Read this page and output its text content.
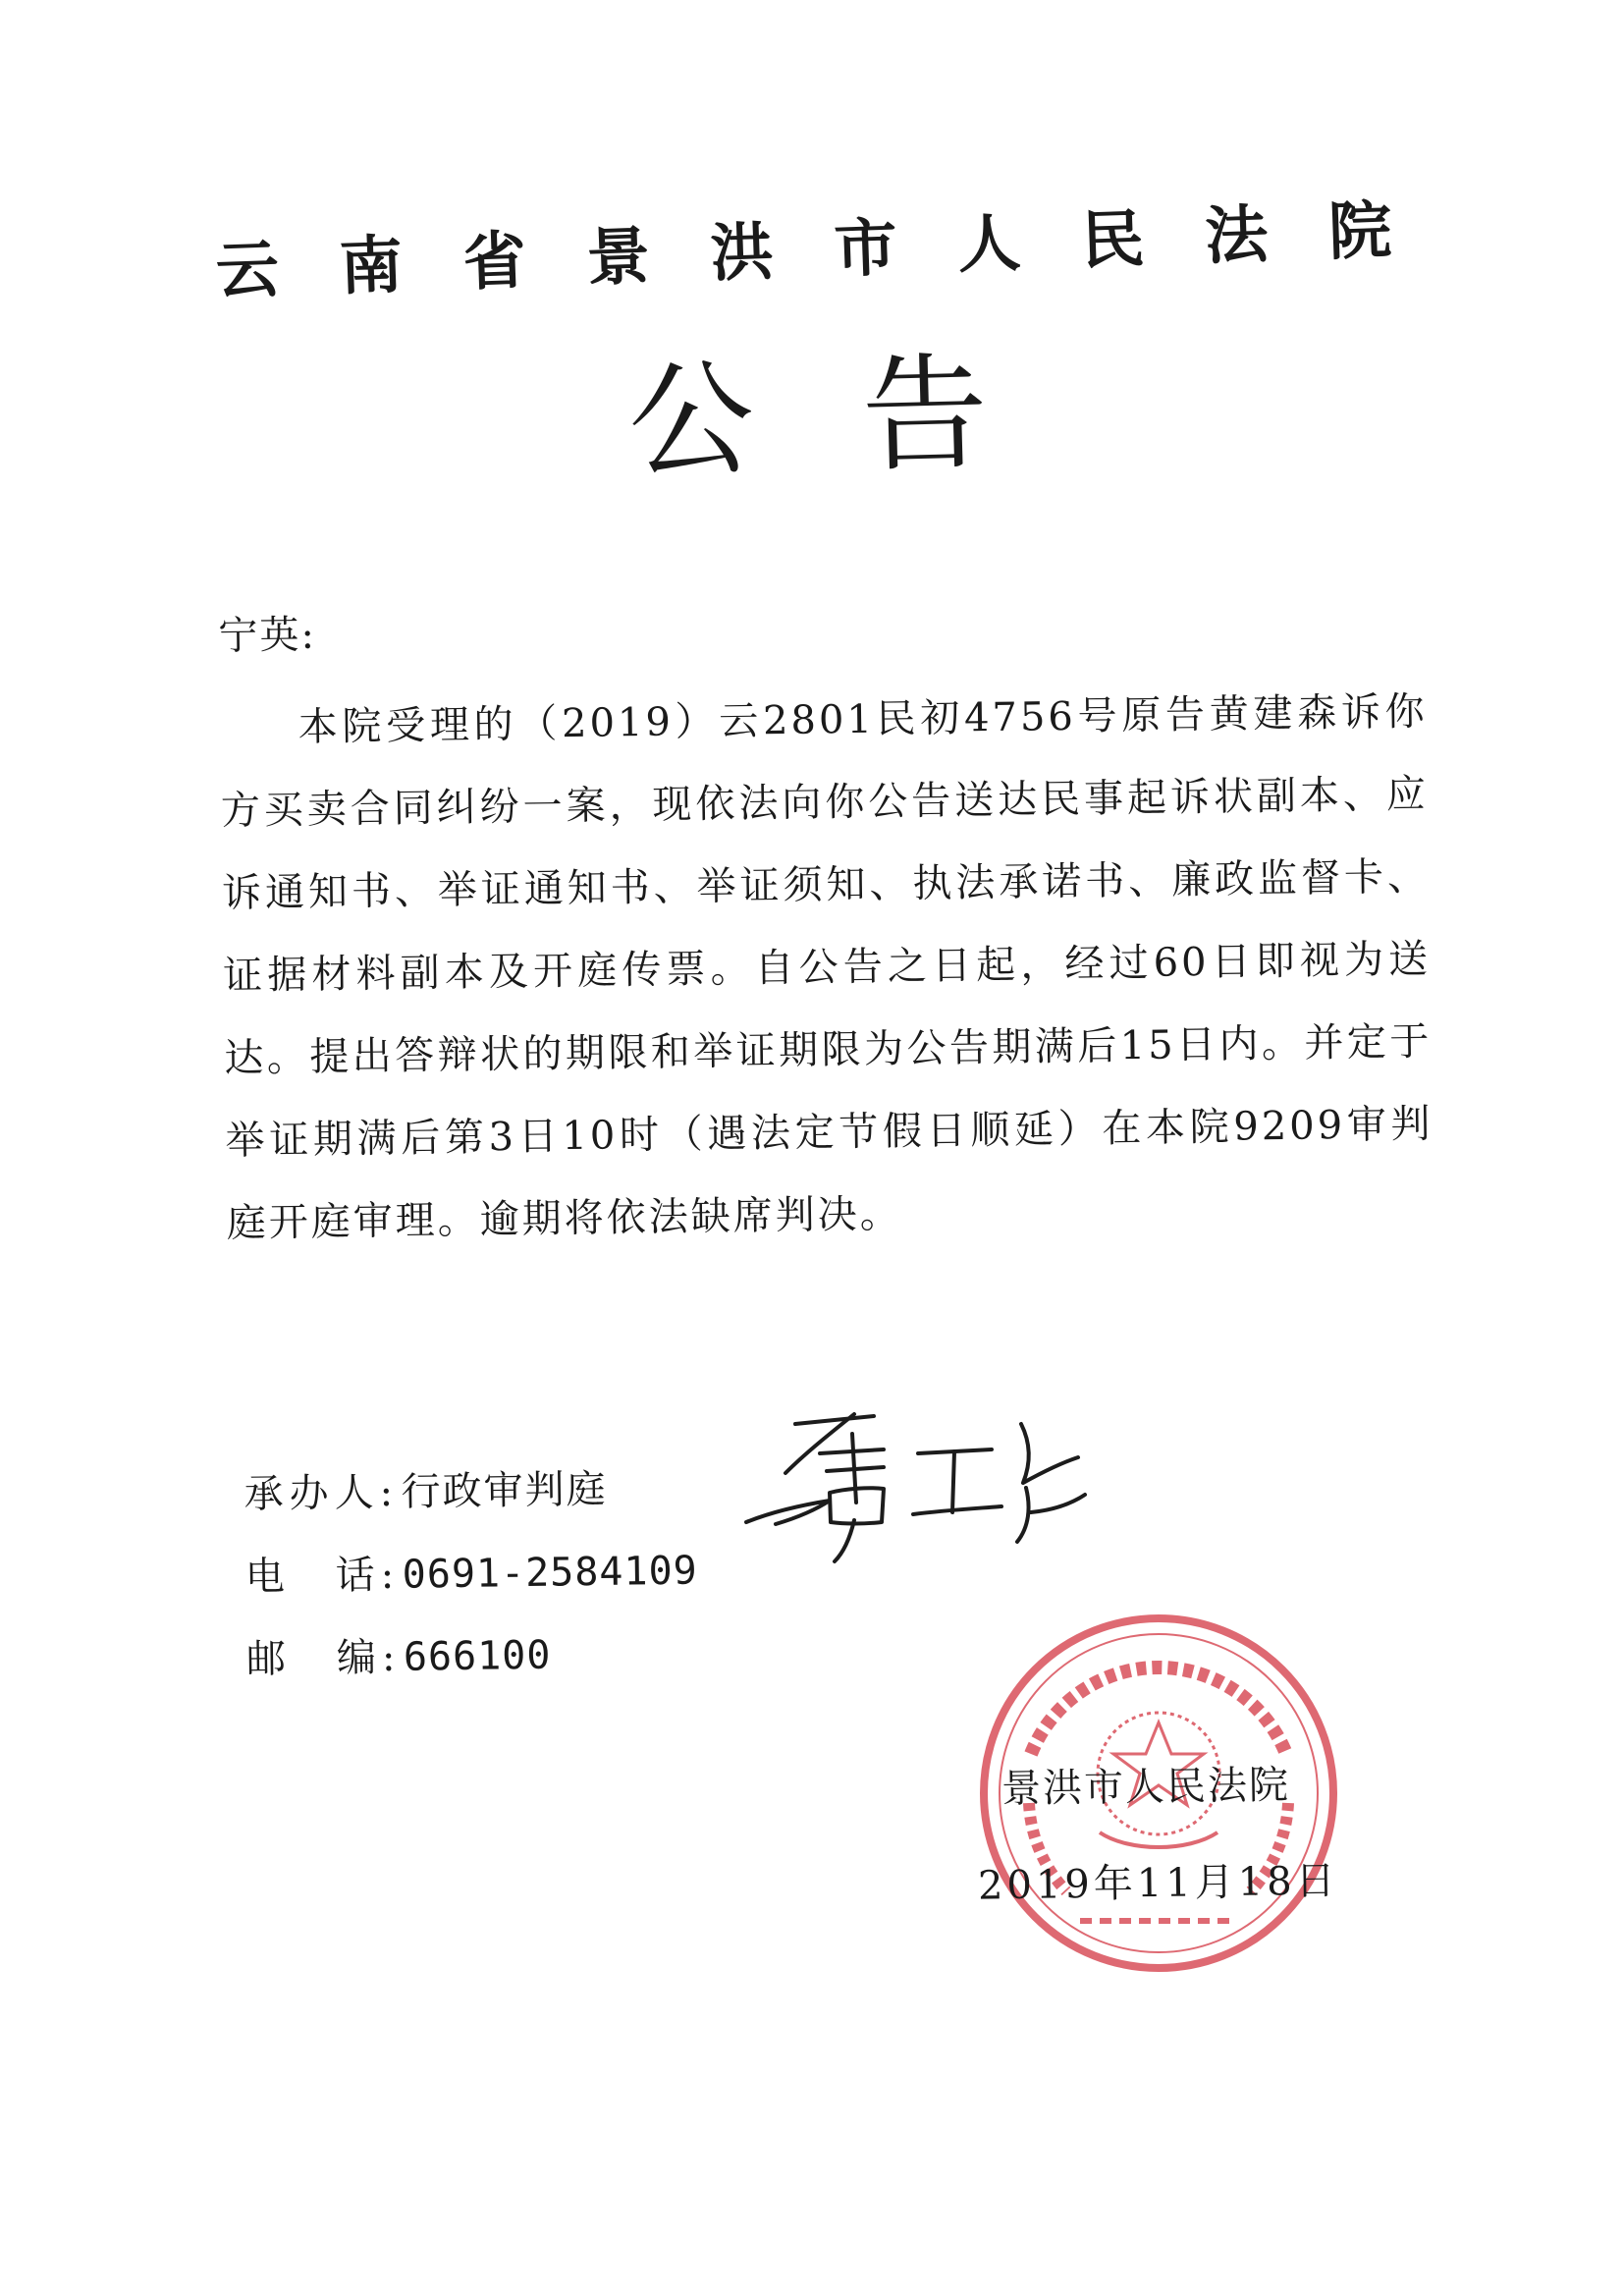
云南省景洪市人民法院
公告

宁英:

本院受理的（2019）云2801民初4756号原告黄建森诉你方买卖合同纠纷一案，现依法向你公告送达民事起诉状副本、应诉通知书、举证通知书、举证须知、执法承诺书、廉政监督卡、证据材料副本及开庭传票。自公告之日起，经过60日即视为送达。提出答辩状的期限和举证期限为公告期满后15日内。并定于举证期满后第3日10时（遇法定节假日顺延）在本院9209审判庭开庭审理。逾期将依法缺席判决。

承办人:行政审判庭
电　话:0691-2584109
邮　编:666100
景洪市人民法院
2019年11月18日
